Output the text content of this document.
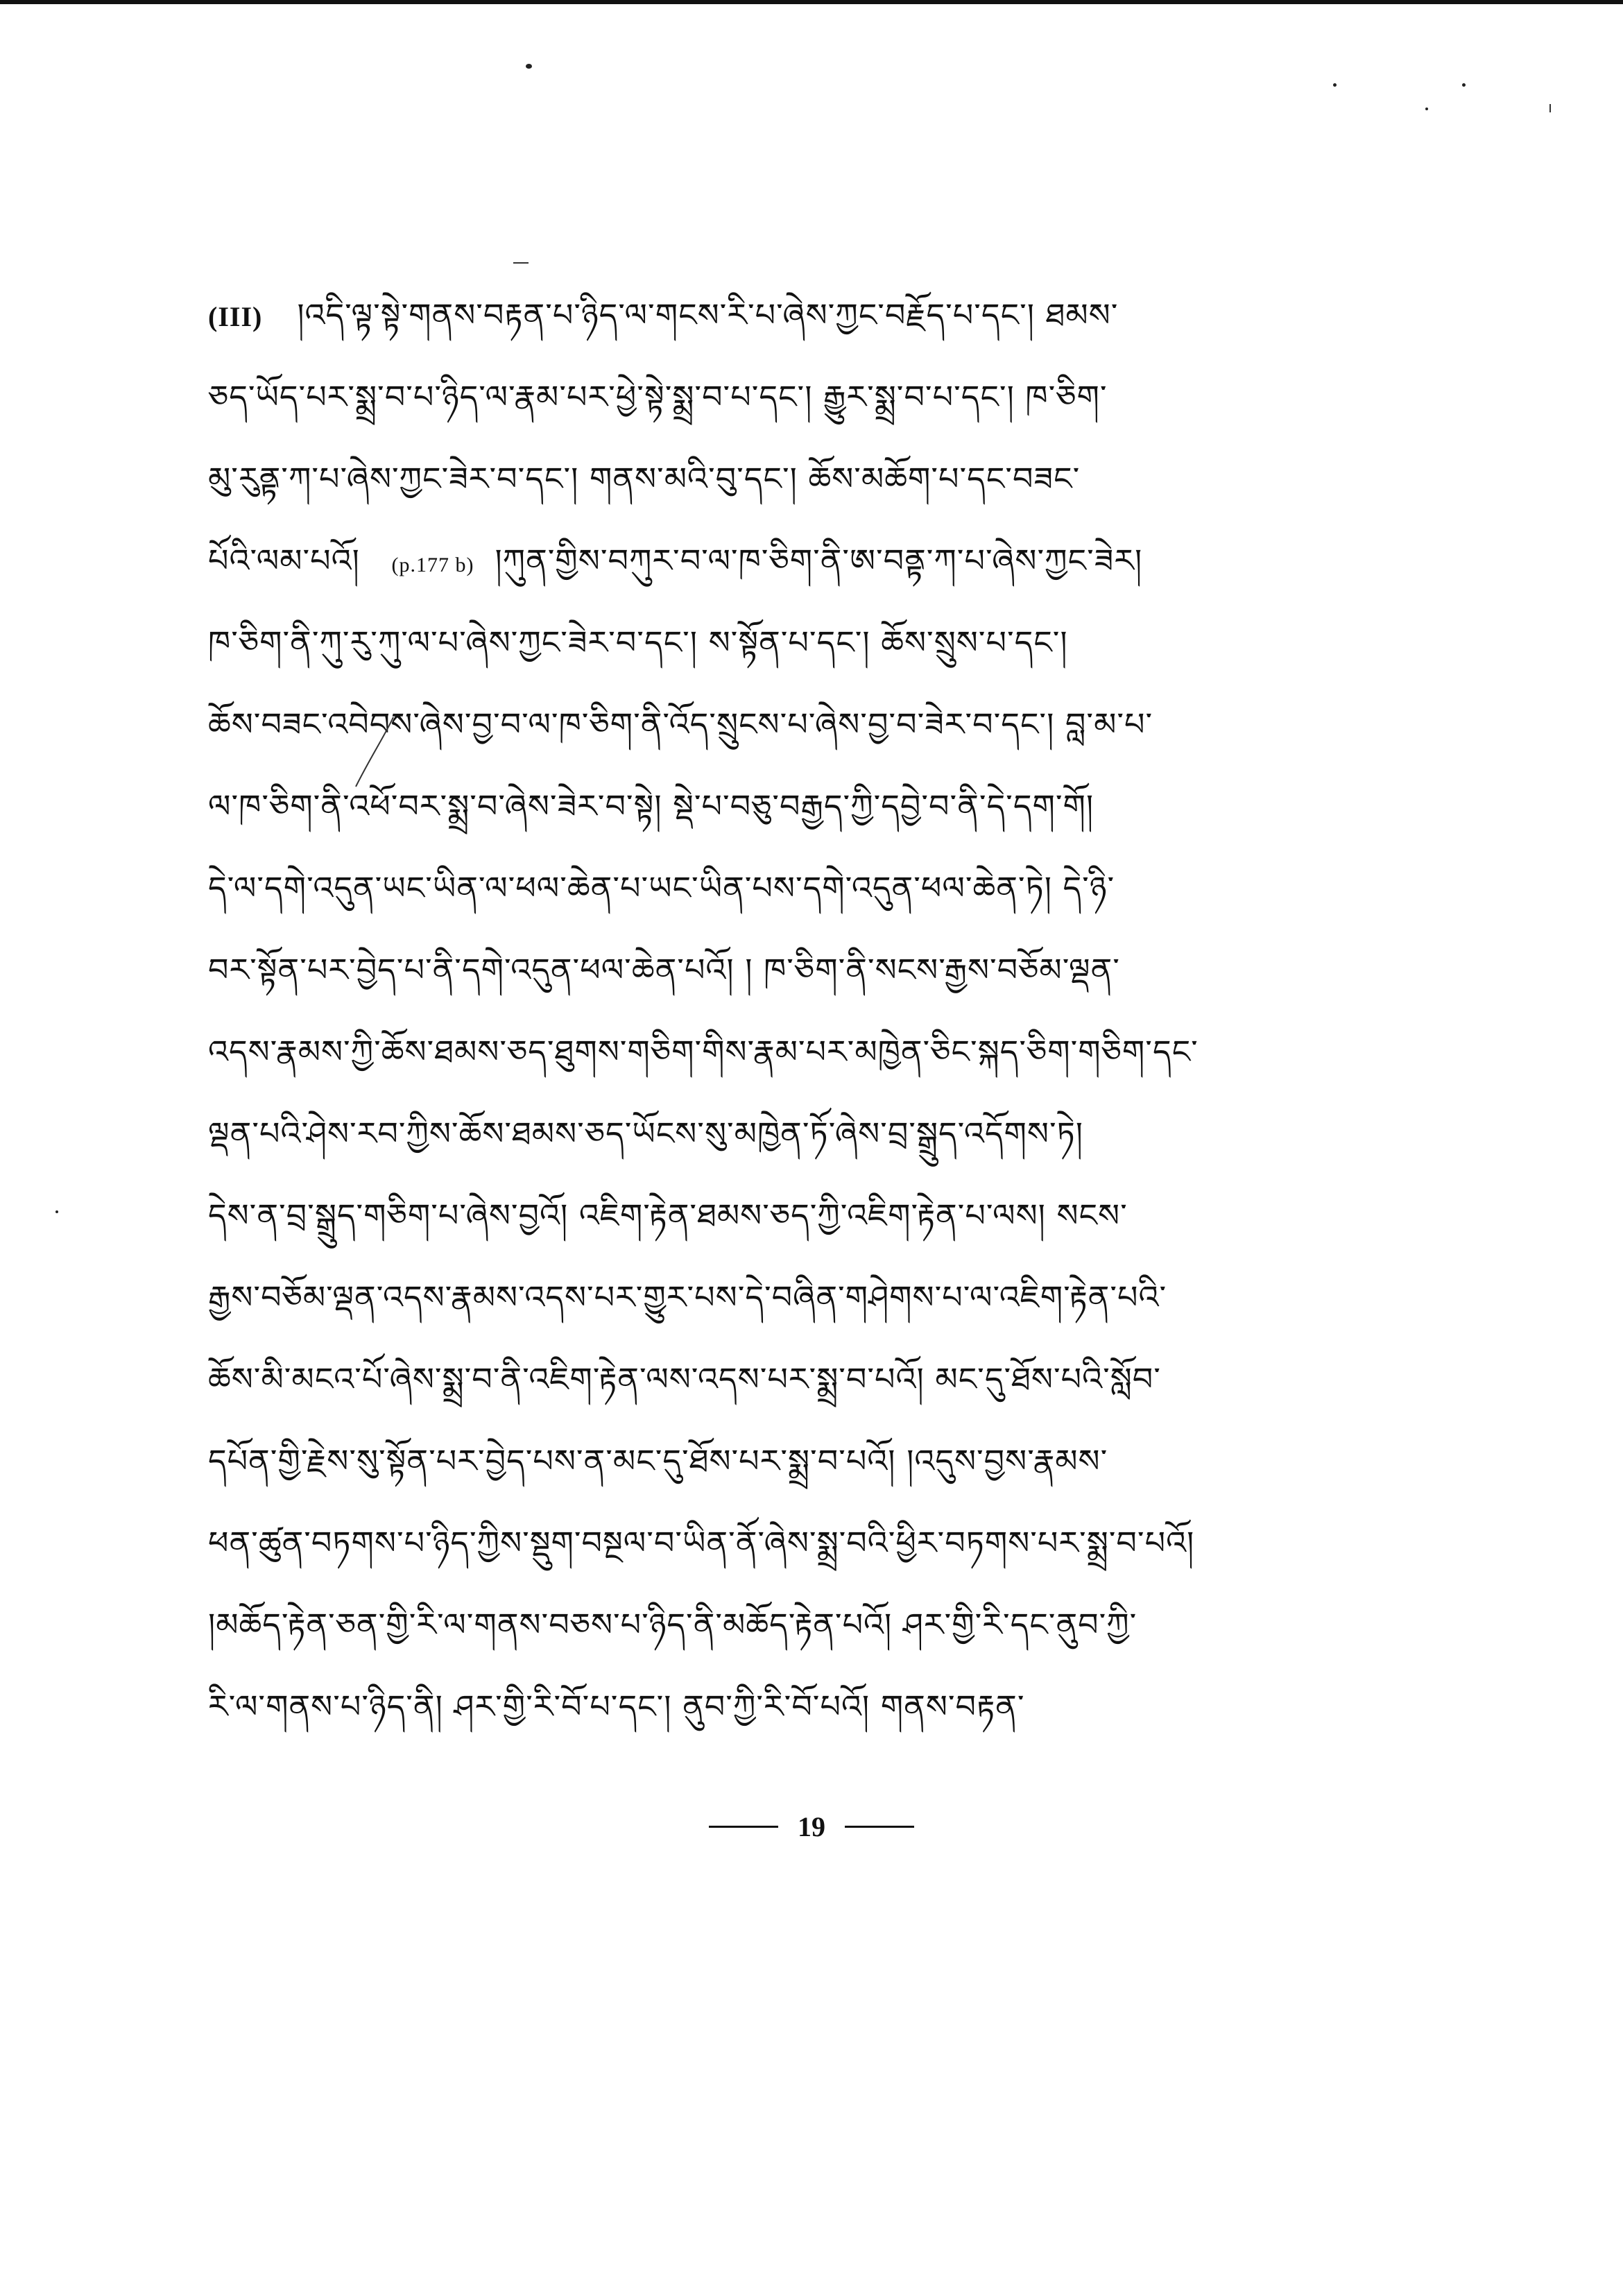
(III) །འདི་ལྟ་སྟེ་གནས་བརྟན་པ་ཉིད་ལ་གངས་རི་པ་ཞེས་ཀྱང་བརྗོད་པ་དང་། ཐམས་
ཅད་ཡོད་པར་སྨྲ་བ་པ་ཉིད་ལ་རྣམ་པར་ཕྱེ་སྟེ་སྨྲ་བ་པ་དང་། རྒྱུར་སྨྲ་བ་པ་དང་། ཁ་ཅིག་
མུ་རུནྟ་ཀ་པ་ཞེས་ཀྱང་ཟེར་བ་དང་། གནས་མའི་བུ་དང་། ཆོས་མཆོག་པ་དང་བཟང་
པོའི་ལམ་པའོ། (p.177 b) །ཀུན་གྱིས་བཀུར་བ་ལ་ཁ་ཅིག་ནི་ཨ་བནྟ་ཀ་པ་ཞེས་ཀྱང་ཟེར།
ཁ་ཅིག་ནི་ཀུ་རུ་ཀུ་ལ་པ་ཞེས་ཀྱང་ཟེར་བ་དང་། ས་སྟོན་པ་དང་། ཆོས་སྲུས་པ་དང་།
ཆོས་བཟང་འབེབས་ཞེས་བྱ་བ་ལ་ཁ་ཅིག་ནི་འོད་སྲུངས་པ་ཞེས་བྱ་བ་ཟེར་བ་དང་། བླ་མ་པ་
ལ་ཁ་ཅིག་ནི་འཕོ་བར་སྨྲ་བ་ཞེས་ཟེར་བ་སྟེ། སྡེ་པ་བཅུ་བརྒྱད་ཀྱི་དབྱེ་བ་ནི་དེ་དག་གོ།
དེ་ལ་དགེ་འདུན་ཡང་ཡིན་ལ་ཕལ་ཆེན་པ་ཡང་ཡིན་པས་དགེ་འདུན་ཕལ་ཆེན་ཏེ། དེ་ཉི་
བར་སྟོན་པར་བྱེད་པ་ནི་དགེ་འདུན་ཕལ་ཆེན་པའོ། ། ཁ་ཅིག་ནི་སངས་རྒྱས་བཅོམ་ལྡན་
འདས་རྣམས་ཀྱི་ཆོས་ཐམས་ཅད་ཐུགས་གཅིག་གིས་རྣམ་པར་མཁྱེན་ཅིང་སྐད་ཅིག་གཅིག་དང་
ལྡན་པའི་ཤེས་རབ་ཀྱིས་ཆོས་ཐམས་ཅད་ཡོངས་སུ་མཁྱེན་ཏོ་ཞེས་བྲ་སྒྲུད་འདོགས་ཏེ།
དེས་ན་བྲ་སྒྲུད་གཅིག་པ་ཞེས་བྱའོ། འཇིག་རྟེན་ཐམས་ཅད་ཀྱི་འཇིག་རྟེན་པ་ལས། སངས་
རྒྱས་བཅོམ་ལྡན་འདས་རྣམས་འདས་པར་གྱུར་པས་དེ་བཞིན་གཤེགས་པ་ལ་འཇིག་རྟེན་པའི་
ཆོས་མི་མངའ་པོ་ཞེས་སྨྲ་བ་ནི་འཇིག་རྟེན་ལས་འདས་པར་སྨྲ་བ་པའོ། མང་དུ་ཐོས་པའི་སློབ་
དཔོན་གྱི་རྗེས་སུ་སྟོན་པར་བྱེད་པས་ན་མང་དུ་ཐོས་པར་སྨྲ་བ་པའོ། །འདུས་བྱས་རྣམས་
ཕན་ཚུན་བཏགས་པ་ཉིད་ཀྱིས་སྡུག་བསྔལ་བ་ཡིན་ནོ་ཞེས་སྨྲ་བའི་ཕྱིར་བཏགས་པར་སྨྲ་བ་པའོ།
།མཆོད་རྟེན་ཅན་གྱི་རི་ལ་གནས་བཅས་པ་ཉིད་ནི་མཆོད་རྟེན་པའོ། ཤར་གྱི་རི་དང་ནུབ་ཀྱི་
རི་ལ་གནས་པ་ཉིད་ནི། ཤར་གྱི་རི་བོ་པ་དང་། ནུབ་ཀྱི་རི་བོ་པའོ། གནས་བརྟན་
19
